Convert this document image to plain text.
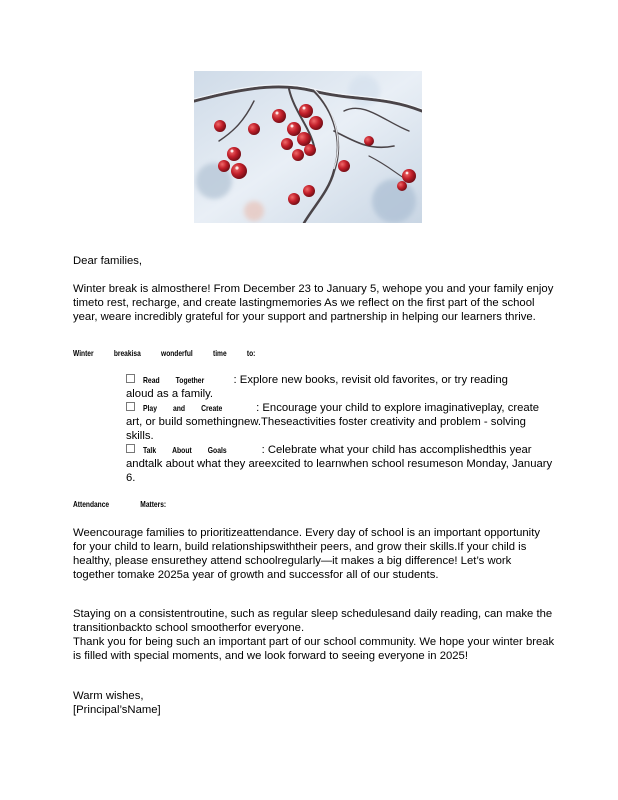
Dear families,

Winter break is almosthere! From December 23 to January 5, wehope you and your family enjoy timeto rest, recharge, and create lastingmemories As we reflect on the first part of the school year, weare incredibly grateful for your support and partnership in helping our learners thrive.

Winter breakisa wonderful time to:

Read Together	: Explore new books, revisit old favorites, or try reading

aloud as a family.

Play and Create	: Encourage your child to explore imaginativeplay, create

art, or build somethingnew.Theseactivities foster creativity and problem - solving skills.

Talk About Goals	: Celebrate what your child has accomplishedthis year

andtalk about what they areexcited to learnwhen school resumeson Monday, January 6.

Attendance	Matters:

Weencourage families to prioritizeattendance. Every day of school is an important opportunity for your child to learn, build relationshipswiththeir peers, and grow their skills.If your child is healthy, please ensurethey attend schoolregularly—it makes a big difference! Let’s work together tomake 2025a year of growth and successfor all of our students.

Staying on a consistentroutine, such as regular sleep schedulesand daily reading, can make the transitionbackto school smootherfor everyone.

Thank you for being such an important part of our school community. We hope your winter break is filled with special moments, and we look forward to seeing everyone in 2025!

Warm wishes,

[Principal’sName]
